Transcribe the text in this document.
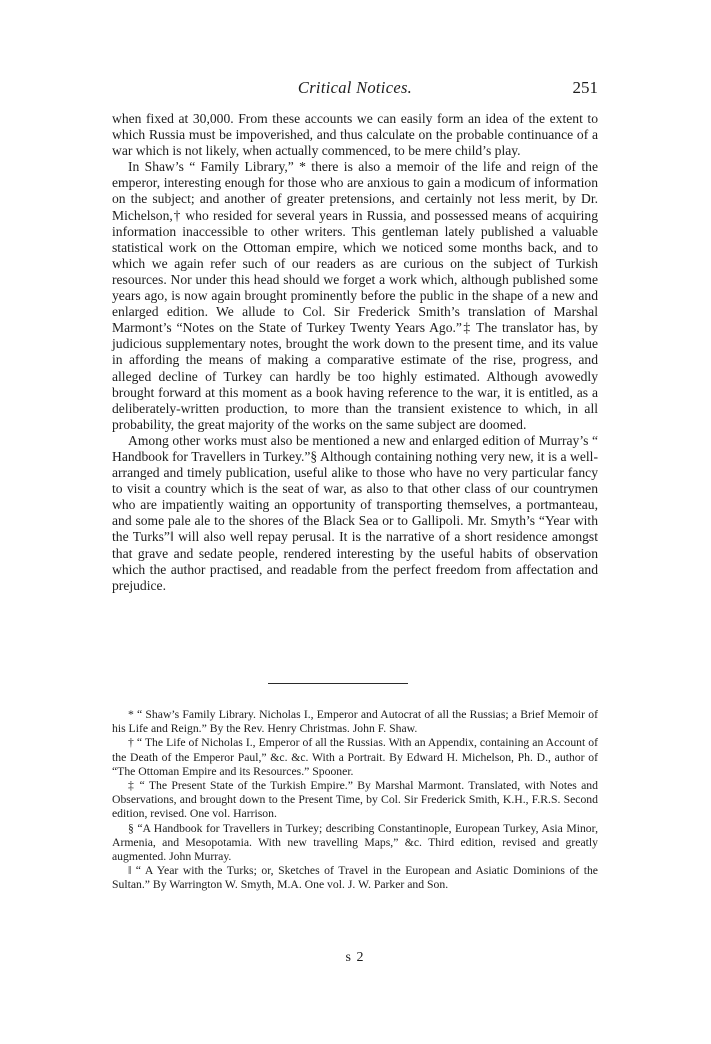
Critical Notices.	251

when fixed at 30,000. From these accounts we can easily form an idea of the extent to which Russia must be impoverished, and thus calculate on the probable continuance of a war which is not likely, when actually commenced, to be mere child’s play.

In Shaw’s “ Family Library,” * there is also a memoir of the life and reign of the emperor, interesting enough for those who are anxious to gain a modicum of information on the subject; and another of greater pretensions, and certainly not less merit, by Dr. Michelson,† who resided for several years in Russia, and possessed means of acquiring information inaccessible to other writers. This gentleman lately published a valuable statistical work on the Ottoman empire, which we noticed some months back, and to which we again refer such of our readers as are curious on the subject of Turkish resources. Nor under this head should we forget a work which, although published some years ago, is now again brought prominently before the public in the shape of a new and enlarged edition. We allude to Col. Sir Frederick Smith’s translation of Marshal Marmont’s “Notes on the State of Turkey Twenty Years Ago.”‡ The translator has, by judicious supplementary notes, brought the work down to the present time, and its value in affording the means of making a comparative estimate of the rise, progress, and alleged decline of Turkey can hardly be too highly estimated. Although avowedly brought forward at this moment as a book having reference to the war, it is entitled, as a deliberately-written production, to more than the transient existence to which, in all probability, the great majority of the works on the same subject are doomed.

Among other works must also be mentioned a new and enlarged edition of Murray’s “ Handbook for Travellers in Turkey.”§ Although containing nothing very new, it is a well-arranged and timely publication, useful alike to those who have no very particular fancy to visit a country which is the seat of war, as also to that other class of our countrymen who are impatiently waiting an opportunity of transporting themselves, a portmanteau, and some pale ale to the shores of the Black Sea or to Gallipoli. Mr. Smyth’s “Year with the Turks”‖ will also well repay perusal. It is the narrative of a short residence amongst that grave and sedate people, rendered interesting by the useful habits of observation which the author practised, and readable from the perfect freedom from affectation and prejudice.

* “ Shaw’s Family Library. Nicholas I., Emperor and Autocrat of all the Russias; a Brief Memoir of his Life and Reign.” By the Rev. Henry Christmas. John F. Shaw.

† “ The Life of Nicholas I., Emperor of all the Russias. With an Appendix, containing an Account of the Death of the Emperor Paul,” &c. &c. With a Portrait. By Edward H. Michelson, Ph. D., author of “The Ottoman Empire and its Resources.” Spooner.

‡ “ The Present State of the Turkish Empire.” By Marshal Marmont. Translated, with Notes and Observations, and brought down to the Present Time, by Col. Sir Frederick Smith, K.H., F.R.S. Second edition, revised. One vol. Harrison.

§ “A Handbook for Travellers in Turkey; describing Constantinople, European Turkey, Asia Minor, Armenia, and Mesopotamia. With new travelling Maps,” &c. Third edition, revised and greatly augmented. John Murray.

‖ “ A Year with the Turks; or, Sketches of Travel in the European and Asiatic Dominions of the Sultan.” By Warrington W. Smyth, M.A. One vol. J. W. Parker and Son.

s 2
